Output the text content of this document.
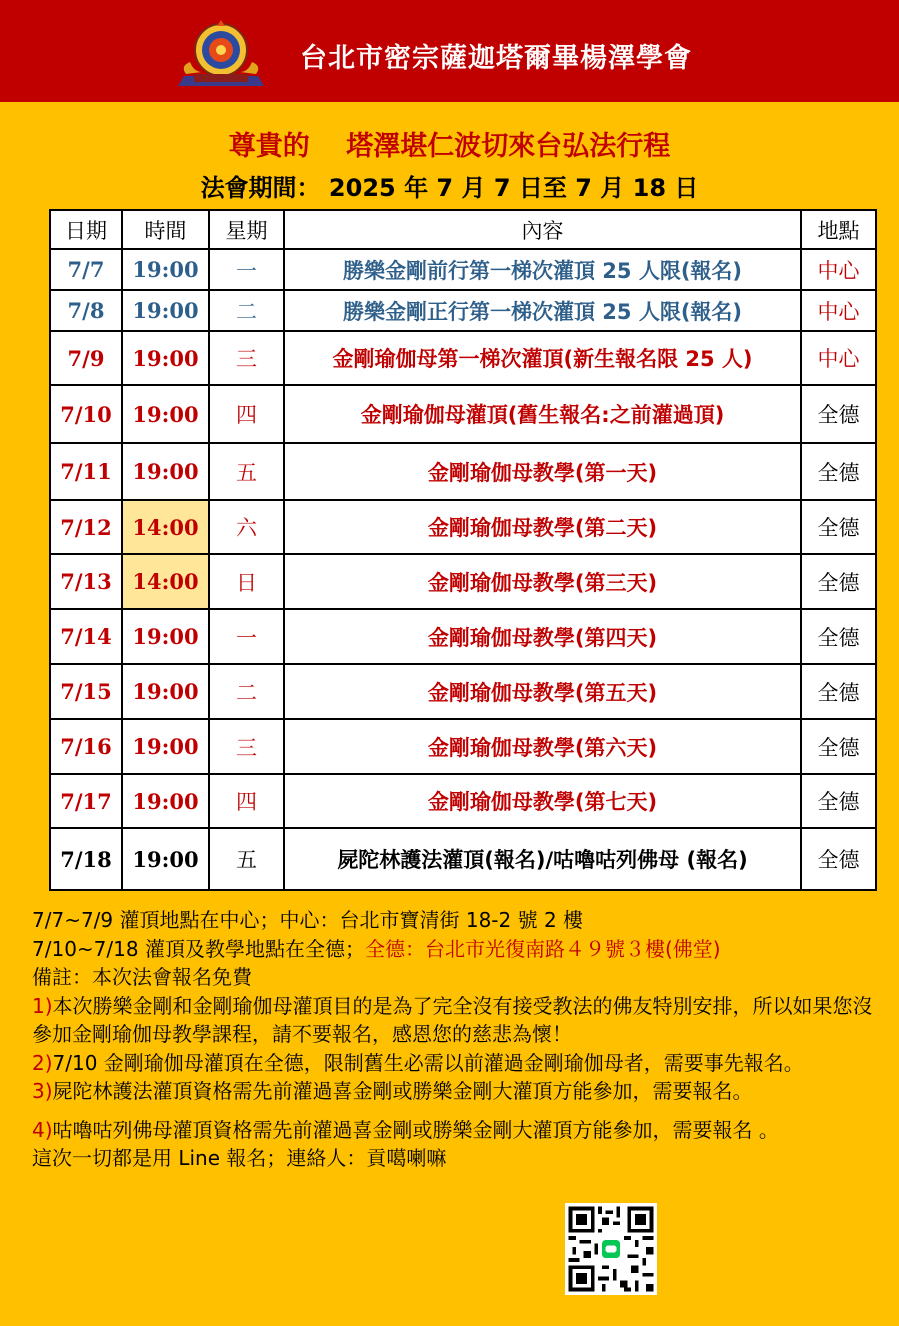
台北市密宗薩迦塔爾畢楊澤學會
尊貴的　 塔澤堪仁波切來台弘法行程
法會期間： 2025 年 7 月 7 日至 7 月 18 日
日期	時間	星期	內容	地點
7/7	19:00	一	勝樂金剛前行第一梯次灌頂 25 人限(報名)	中心
7/8	19:00	二	勝樂金剛正行第一梯次灌頂 25 人限(報名)	中心
7/9	19:00	三	金剛瑜伽母第一梯次灌頂(新生報名限 25 人)	中心
7/10	19:00	四	金剛瑜伽母灌頂(舊生報名:之前灌過頂)	全德
7/11	19:00	五	金剛瑜伽母教學(第一天)	全德
7/12	14:00	六	金剛瑜伽母教學(第二天)	全德
7/13	14:00	日	金剛瑜伽母教學(第三天)	全德
7/14	19:00	一	金剛瑜伽母教學(第四天)	全德
7/15	19:00	二	金剛瑜伽母教學(第五天)	全德
7/16	19:00	三	金剛瑜伽母教學(第六天)	全德
7/17	19:00	四	金剛瑜伽母教學(第七天)	全德
7/18	19:00	五	屍陀林護法灌頂(報名)/咕嚕咕列佛母 (報名)	全德

7/7~7/9 灌頂地點在中心；中心：台北市寶清街 18-2 號 2 樓

7/10~7/18 灌頂及教學地點在全德；全德：台北市光復南路４９號３樓(佛堂)

備註：本次法會報名免費

1)本次勝樂金剛和金剛瑜伽母灌頂目的是為了完全沒有接受教法的佛友特別安排，所以如果您沒參加金剛瑜伽母教學課程，請不要報名，感恩您的慈悲為懷！

2)7/10 金剛瑜伽母灌頂在全德，限制舊生必需以前灌過金剛瑜伽母者，需要事先報名。

3)屍陀林護法灌頂資格需先前灌過喜金剛或勝樂金剛大灌頂方能參加，需要報名。

4)咕嚕咕列佛母灌頂資格需先前灌過喜金剛或勝樂金剛大灌頂方能參加，需要報名 。

這次一切都是用 Line 報名；連絡人：貢噶喇嘛
